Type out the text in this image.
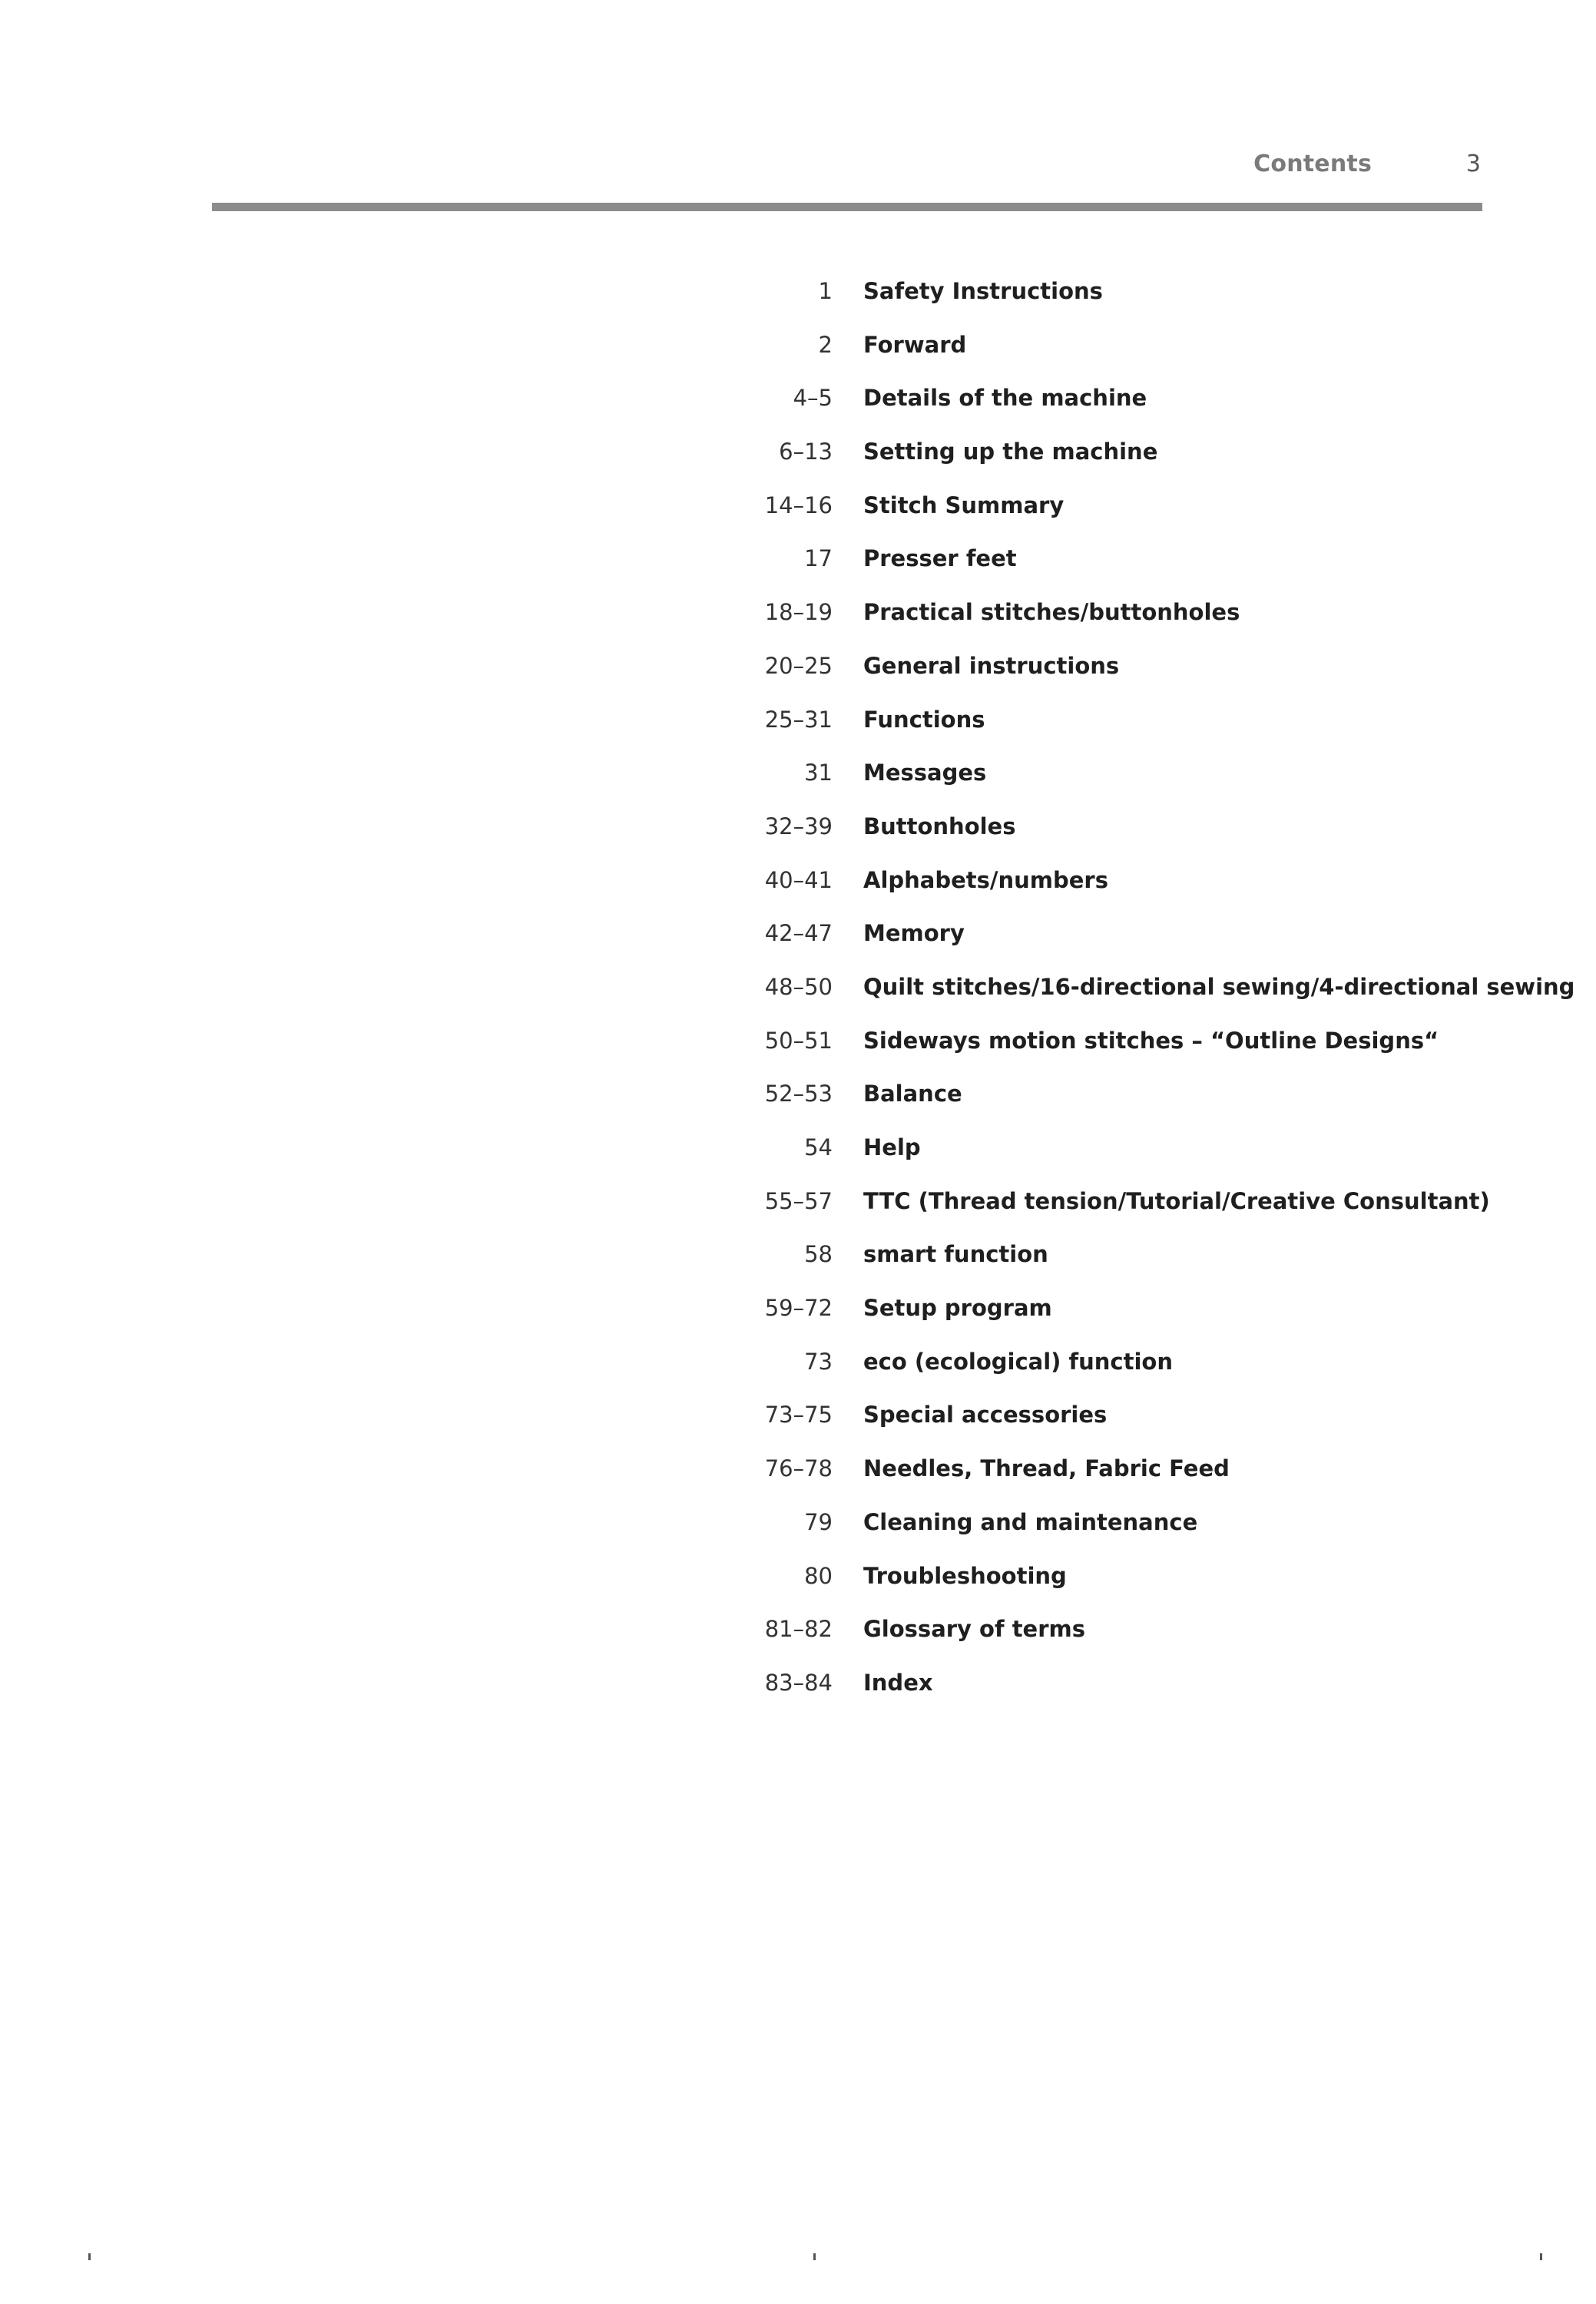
Contents	3
1 Safety Instructions
2 Forward
4–5 Details of the machine
6–13 Setting up the machine
14–16 Stitch Summary
17 Presser feet
18–19 Practical stitches/buttonholes
20–25 General instructions
25–31 Functions
31 Messages
32–39 Buttonholes
40–41 Alphabets/numbers
42–47 Memory
48–50 Quilt stitches/16-directional sewing/4-directional sewing
50–51 Sideways motion stitches – “Outline Designs“
52–53 Balance
54 Help
55–57 TTC (Thread tension/Tutorial/Creative Consultant)
58 smart function
59–72 Setup program
73 eco (ecological) function
73–75 Special accessories
76–78 Needles, Thread, Fabric Feed
79 Cleaning and maintenance
80 Troubleshooting
81–82 Glossary of terms
83–84 Index
